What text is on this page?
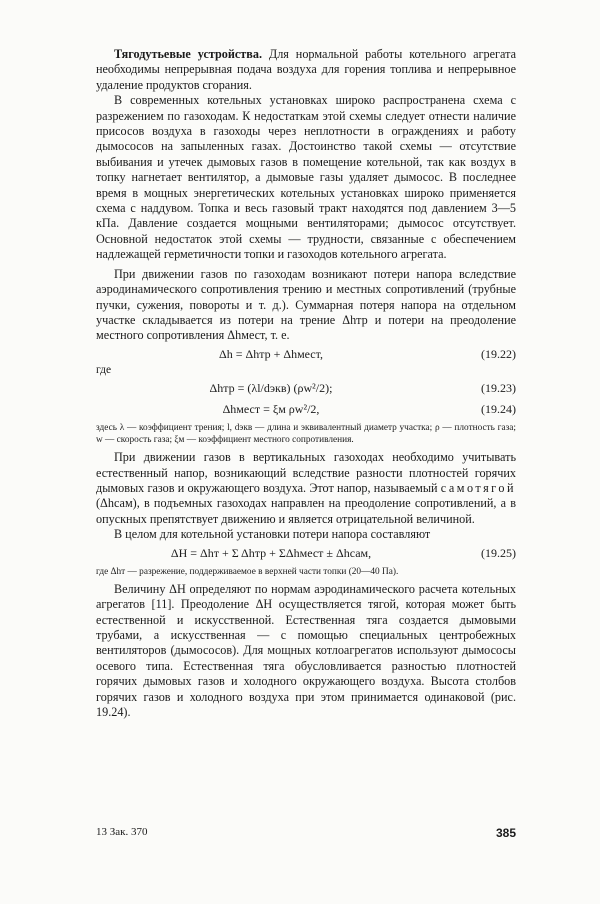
Тягодутьевые устройства. Для нормальной работы котельного агрегата необходимы непрерывная подача воздуха для горения топлива и непрерывное удаление продуктов сгорания.

В современных котельных установках широко распространена схема с разрежением по газоходам. К недостаткам этой схемы следует отнести наличие присосов воздуха в газоходы через неплотности в ограждениях и работу дымососов на запыленных газах. Достоинство такой схемы — отсутствие выбивания и утечек дымовых газов в помещение котельной, так как воздух в топку нагнетает вентилятор, а дымовые газы удаляет дымосос. В последнее время в мощных энергетических котельных установках широко применяется схема с наддувом. Топка и весь газовый тракт находятся под давлением 3—5 кПа. Давление создается мощными вентиляторами; дымосос отсутствует. Основной недостаток этой схемы — трудности, связанные с обеспечением надлежащей герметичности топки и газоходов котельного агрегата.

При движении газов по газоходам возникают потери напора вследствие аэродинамического сопротивления трению и местных сопротивлений (трубные пучки, сужения, повороты и т. д.). Суммарная потеря напора на отдельном участке складывается из потери на трение Δhтр и потери на преодоление местного сопротивления Δhмест, т. е.

Δh = Δhтр + Δhмест,	(19.22)

где

Δhтр = (λl/dэкв) (ρw²/2);	(19.23)
Δhмест = ξм ρw²/2,	(19.24)

здесь λ — коэффициент трения; l, dэкв — длина и эквивалентный диаметр участка; ρ — плотность газа; w — скорость газа; ξм — коэффициент местного сопротивления.

При движении газов в вертикальных газоходах необходимо учитывать естественный напор, возникающий вследствие разности плотностей горячих дымовых газов и окружающего воздуха. Этот напор, называемый самотягой (Δhсам), в подъемных газоходах направлен на преодоление сопротивлений, а в опускных препятствует движению и является отрицательной величиной.

В целом для котельной установки потери напора составляют

ΔH = Δhт + Σ Δhтр + ΣΔhмест ± Δhсам,	(19.25)

где Δhт — разрежение, поддерживаемое в верхней части топки (20—40 Па).

Величину ΔH определяют по нормам аэродинамического расчета котельных агрегатов [11]. Преодоление ΔH осуществляется тягой, которая может быть естественной и искусственной. Естественная тяга создается дымовыми трубами, а искусственная — с помощью специальных центробежных вентиляторов (дымососов). Для мощных котлоагрегатов используют дымососы осевого типа. Естественная тяга обусловливается разностью плотностей горячих дымовых газов и холодного окружающего воздуха. Высота столбов горячих газов и холодного воздуха при этом принимается одинаковой (рис. 19.24).

13 Зак. 370	385
